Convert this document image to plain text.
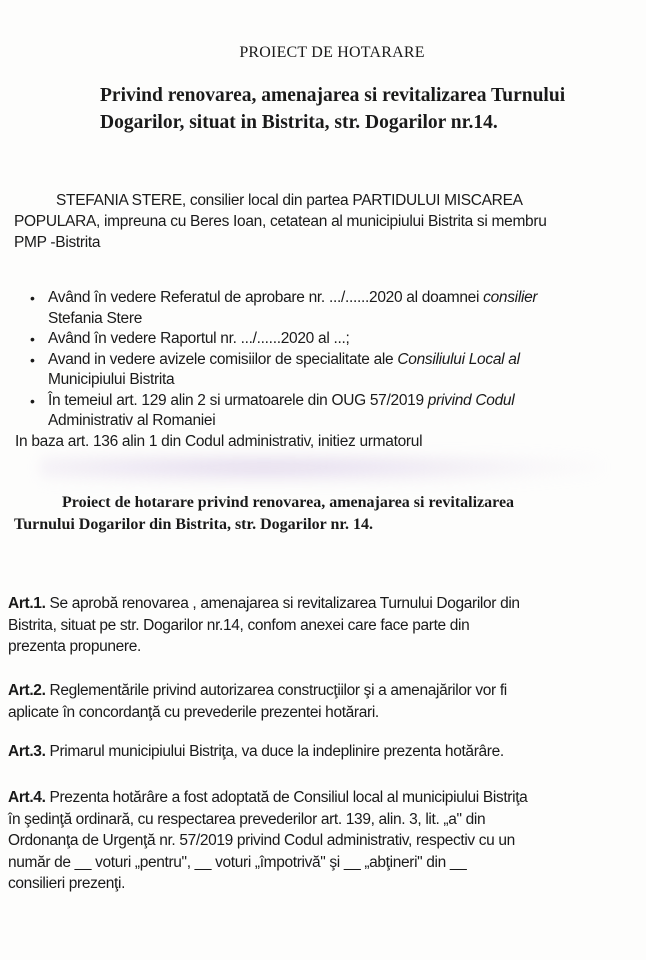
PROIECT DE HOTARARE
Privind renovarea, amenajarea si revitalizarea Turnului
Dogarilor, situat in Bistrita, str. Dogarilor nr.14.
STEFANIA STERE, consilier local din partea PARTIDULUI MISCAREA
POPULARA, impreuna cu Beres Ioan, cetatean al municipiului Bistrita si membru
PMP -Bistrita
• Având în vedere Referatul de aprobare nr. .../......2020 al doamnei consilier
Stefania Stere
• Având în vedere Raportul nr. .../......2020 al ...;
• Avand in vedere avizele comisiilor de specialitate ale Consiliului Local al
Municipiului Bistrita
• În temeiul art. 129 alin 2 si urmatoarele din OUG 57/2019 privind Codul
Administrativ al Romaniei
In baza art. 136 alin 1 din Codul administrativ, initiez urmatorul
Proiect de hotarare privind renovarea, amenajarea si revitalizarea
Turnului Dogarilor din Bistrita, str. Dogarilor nr. 14.
Art.1. Se aprobă renovarea , amenajarea si revitalizarea Turnului Dogarilor din
Bistrita, situat pe str. Dogarilor nr.14, confom anexei care face parte din
prezenta propunere.
Art.2. Reglementările privind autorizarea construcţiilor şi a amenajărilor vor fi
aplicate în concordanţă cu prevederile prezentei hotărari.
Art.3. Primarul municipiului Bistriţa, va duce la indeplinire prezenta hotărâre.
Art.4. Prezenta hotărâre a fost adoptată de Consiliul local al municipiului Bistriţa
în şedinţă ordinară, cu respectarea prevederilor art. 139, alin. 3, lit. „a" din
Ordonanţa de Urgenţă nr. 57/2019 privind Codul administrativ, respectiv cu un
număr de __ voturi „pentru", __ voturi „împotrivă" şi __ „abţineri" din __
consilieri prezenţi.
